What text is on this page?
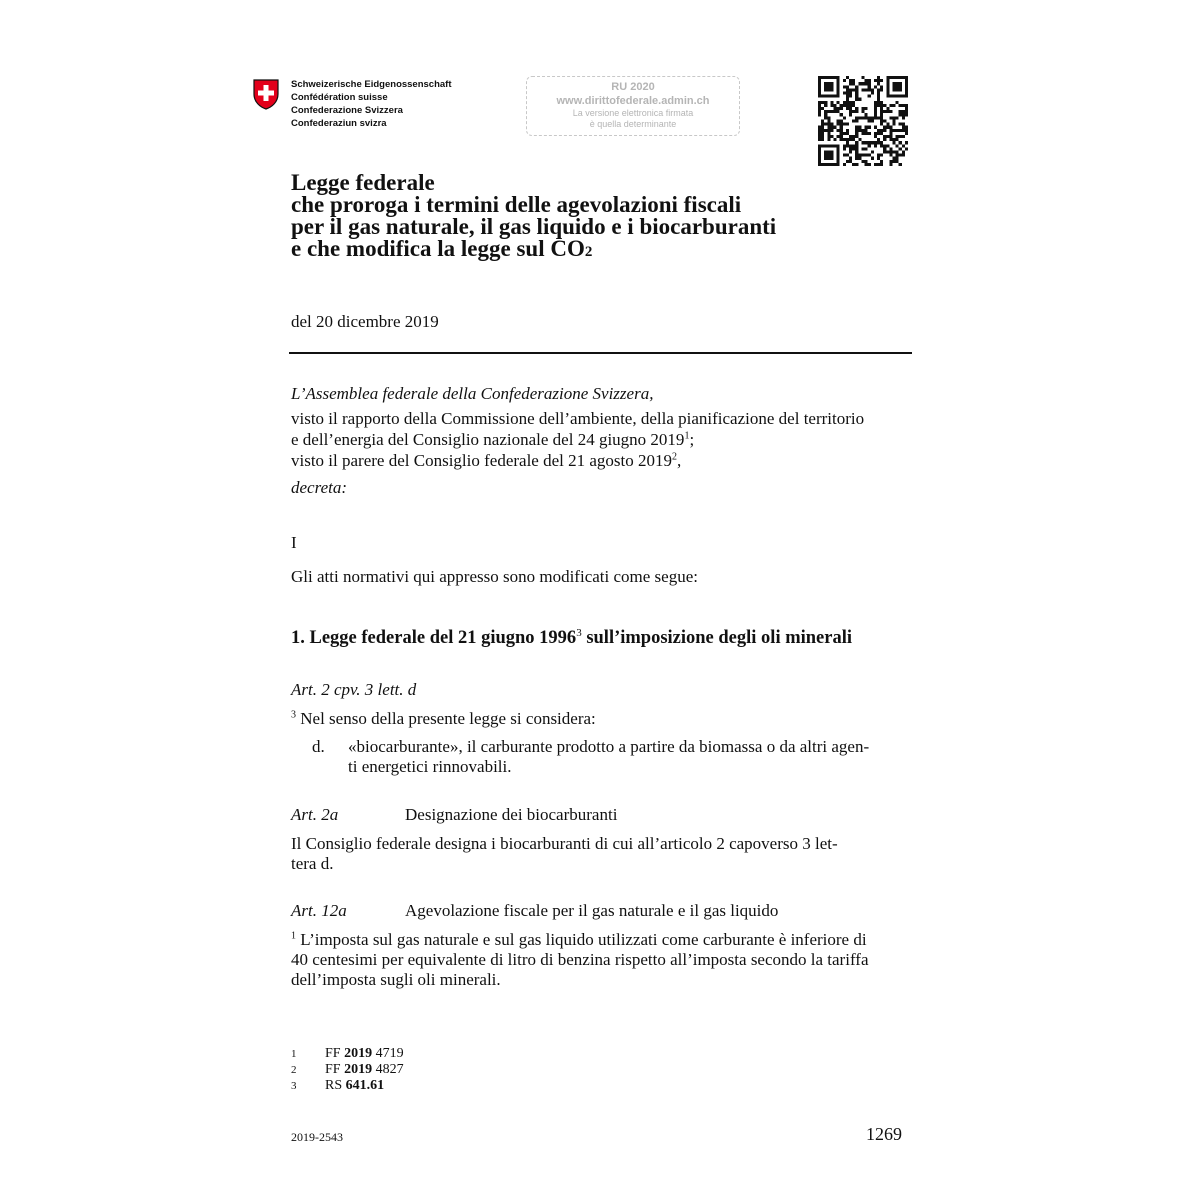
Schweizerische Eidgenossenschaft
Confédération suisse
Confederazione Svizzera
Confederaziun svizra
RU 2020
www.dirittofederale.admin.ch
La versione elettronica firmata
è quella determinante
Legge federale
che proroga i termini delle agevolazioni fiscali
per il gas naturale, il gas liquido e i biocarburanti
e che modifica la legge sul CO2
del 20 dicembre 2019
L’Assemblea federale della Confederazione Svizzera,
visto il rapporto della Commissione dell’ambiente, della pianificazione del territorio
e dell’energia del Consiglio nazionale del 24 giugno 2019$^1$;
visto il parere del Consiglio federale del 21 agosto 2019$^2$,
decreta:
I
Gli atti normativi qui appresso sono modificati come segue:
1. Legge federale del 21 giugno 1996$^3$ sull’imposizione degli oli minerali
Art. 2 cpv. 3 lett. d
$^3$ Nel senso della presente legge si considera:
d. «biocarburante», il carburante prodotto a partire da biomassa o da altri agen-
ti energetici rinnovabili.
Art. 2a	Designazione dei biocarburanti
Il Consiglio federale designa i biocarburanti di cui all’articolo 2 capoverso 3 let-
tera d.
Art. 12a	Agevolazione fiscale per il gas naturale e il gas liquido
$^1$ L’imposta sul gas naturale e sul gas liquido utilizzati come carburante è inferiore di
40 centesimi per equivalente di litro di benzina rispetto all’imposta secondo la tariffa
dell’imposta sugli oli minerali.
1	FF 2019 4719
2	FF 2019 4827
3	RS 641.61
2019-2543	1269
